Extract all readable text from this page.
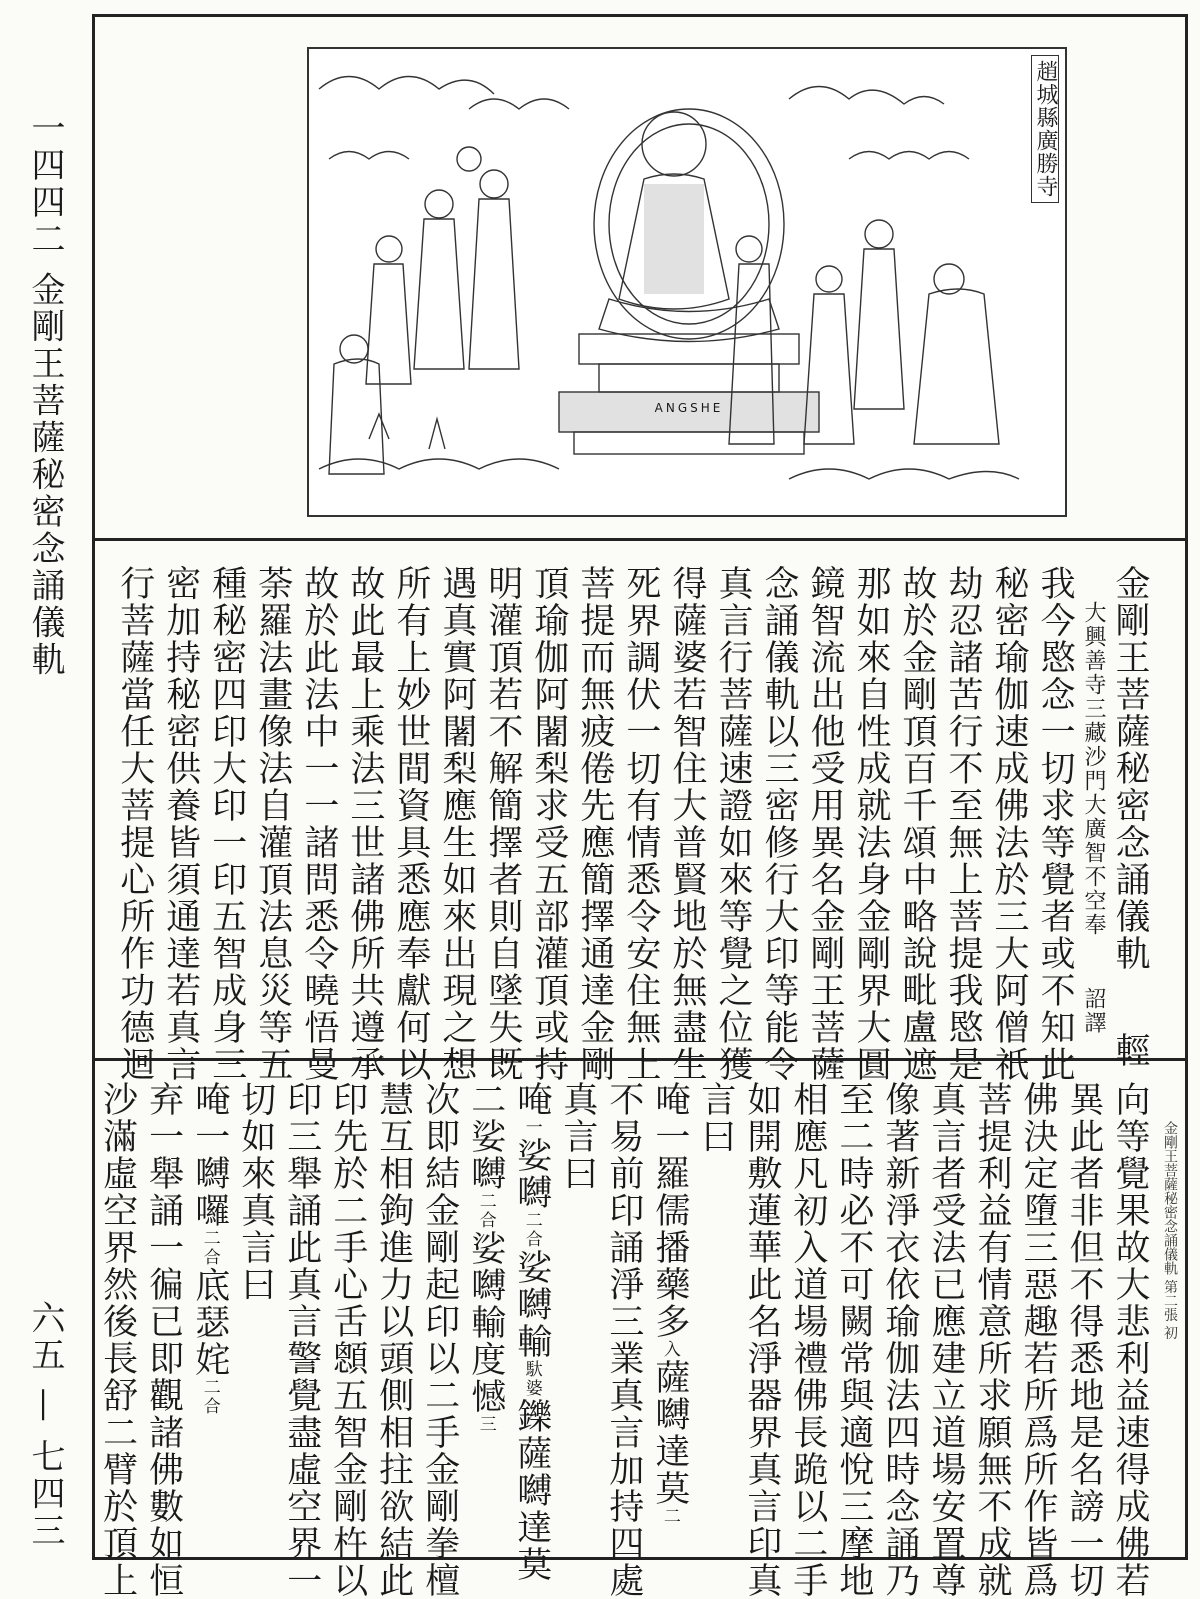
一四四二 金剛王菩薩秘密念誦儀軌
六五 — 七四三
趙城縣廣勝寺
ANGSHE
金剛王菩薩秘密念誦儀軌輕
大興善寺三藏沙門大廣智不空奉詔譯
我今愍念一切求等覺者或不知此
秘密瑜伽速成佛法於三大阿僧祇
劫忍諸苦行不至無上菩提我愍是
故於金剛頂百千頌中略說毗盧遮
那如來自性成就法身金剛界大圓
鏡智流出他受用異名金剛王菩薩
念誦儀軌以三密修行大印等能令
真言行菩薩速證如來等覺之位獲
得薩婆若智住大普賢地於無盡生
死界調伏一切有情悉令安住無上
菩提而無疲倦先應簡擇通達金剛
頂瑜伽阿闍梨求受五部灌頂或持
明灌頂若不解簡擇者則自墜失既
遇真實阿闍梨應生如來出現之想
所有上妙世間資具悉應奉獻何以
故此最上乘法三世諸佛所共遵承
故於此法中一一諸問悉令曉悟曼
荼羅法畫像法自灌頂法息災等五
種秘密四印大印一印五智成身三
密加持秘密供養皆須通達若真言
行菩薩當任大菩提心所作功德迴
向等覺果故大悲利益速得成佛若
異此者非但不得悉地是名謗一切
佛決定墮三惡趣若所爲所作皆爲
菩提利益有情意所求願無不成就
真言者受法已應建立道場安置尊
像著新淨衣依瑜伽法四時念誦乃
至二時必不可闕常與適悅三摩地
相應凡初入道場禮佛長跪以二手
如開敷蓮華此名淨器界真言印真
言曰
唵一羅儒播藥多入薩嚩達莫二
不易前印誦淨三業真言加持四處
真言曰
唵一娑嚩二合娑嚩輸馱婆鑠薩嚩達莫
二娑嚩二合娑嚩輸度憾三
次即結金剛起印以二手金剛拳檀
慧互相鉤進力以頭側相拄欲結此
印先於二手心舌顖五智金剛杵以
印三舉誦此真言警覺盡虛空界一
切如來真言曰
唵一嚩囉二合底瑟姹二合
弃一舉誦一徧已即觀諸佛數如恒
沙滿虛空界然後長舒二臂於頂上	金剛王菩薩秘密念誦儀軌 第二張 初
